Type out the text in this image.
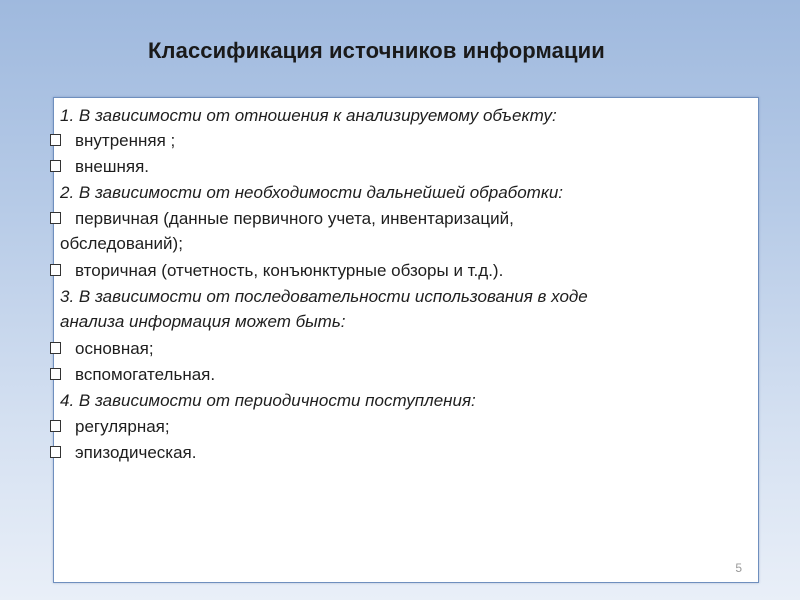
Классификация источников информации
1. В зависимости от отношения к анализируемому объекту:
внутренняя ;
внешняя.
2. В зависимости от необходимости дальнейшей обработки:
первичная (данные первичного учета, инвентаризаций,
обследований);
вторичная (отчетность, конъюнктурные обзоры и т.д.).
3. В зависимости от последовательности использования в ходе
анализа информация может быть:
основная;
вспомогательная.
4. В зависимости от периодичности поступления:
регулярная;
эпизодическая.
5
